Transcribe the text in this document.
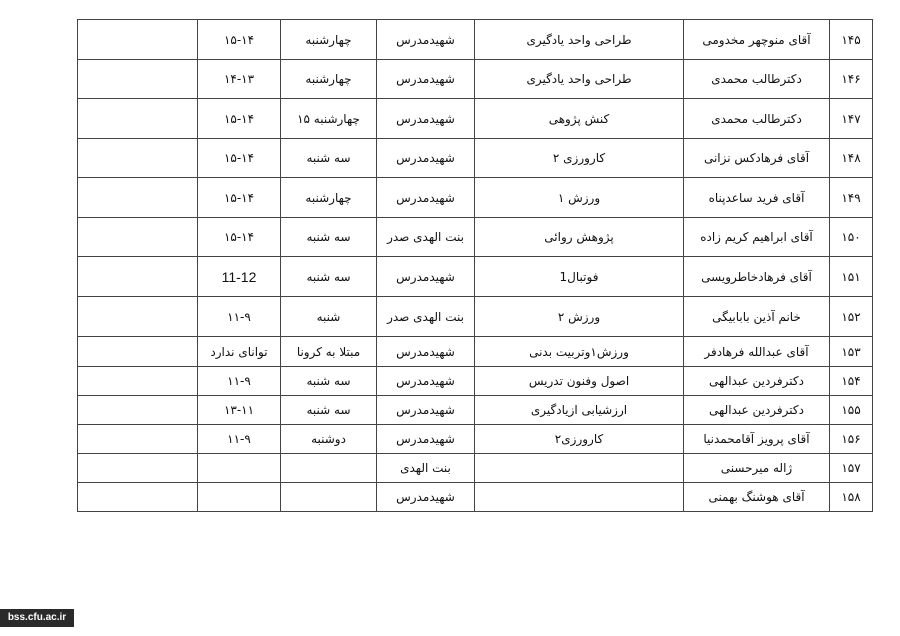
۱۴۵	آقای منوچهر مخدومی	طراحی واحد یادگیری	شهیدمدرس	چهارشنبه	۱۵-۱۴	
۱۴۶	دکترطالب محمدی	طراحی واحد یادگیری	شهیدمدرس	چهارشنبه	۱۴-۱۳	
۱۴۷	دکترطالب محمدی	کنش پژوهی	شهیدمدرس	چهارشنبه ۱۵	۱۵-۱۴	
۱۴۸	آقای فرهادکس نزانی	کارورزی ۲	شهیدمدرس	سه شنبه	۱۵-۱۴	
۱۴۹	آقای فرید ساعدپناه	ورزش ۱	شهیدمدرس	چهارشنبه	۱۵-۱۴	
۱۵۰	آقای ابراهیم کریم زاده	پژوهش روائی	بنت الهدی صدر	سه شنبه	۱۵-۱۴	
۱۵۱	آقای فرهادخاطرویسی	فوتبال1	شهیدمدرس	سه شنبه	11-12	
۱۵۲	خانم آذین بابابیگی	ورزش ۲	بنت الهدی صدر	شنبه	۱۱-۹	
۱۵۳	آقای عبدالله فرهادفر	ورزش۱وتربیت بدنی	شهیدمدرس	مبتلا به کرونا	توانای ندارد	
۱۵۴	دکترفردین عبدالهی	اصول وفنون تدریس	شهیدمدرس	سه شنبه	۱۱-۹	
۱۵۵	دکترفردین عبدالهی	ارزشیابی ازیادگیری	شهیدمدرس	سه شنبه	۱۳-۱۱	
۱۵۶	آقای پرویز آقامحمدنیا	کارورزی۲	شهیدمدرس	دوشنبه	۱۱-۹	
۱۵۷	ژاله میرحسنی		بنت الهدی			
۱۵۸	آقای هوشنگ بهمنی		شهیدمدرس			
bss.cfu.ac.ir
